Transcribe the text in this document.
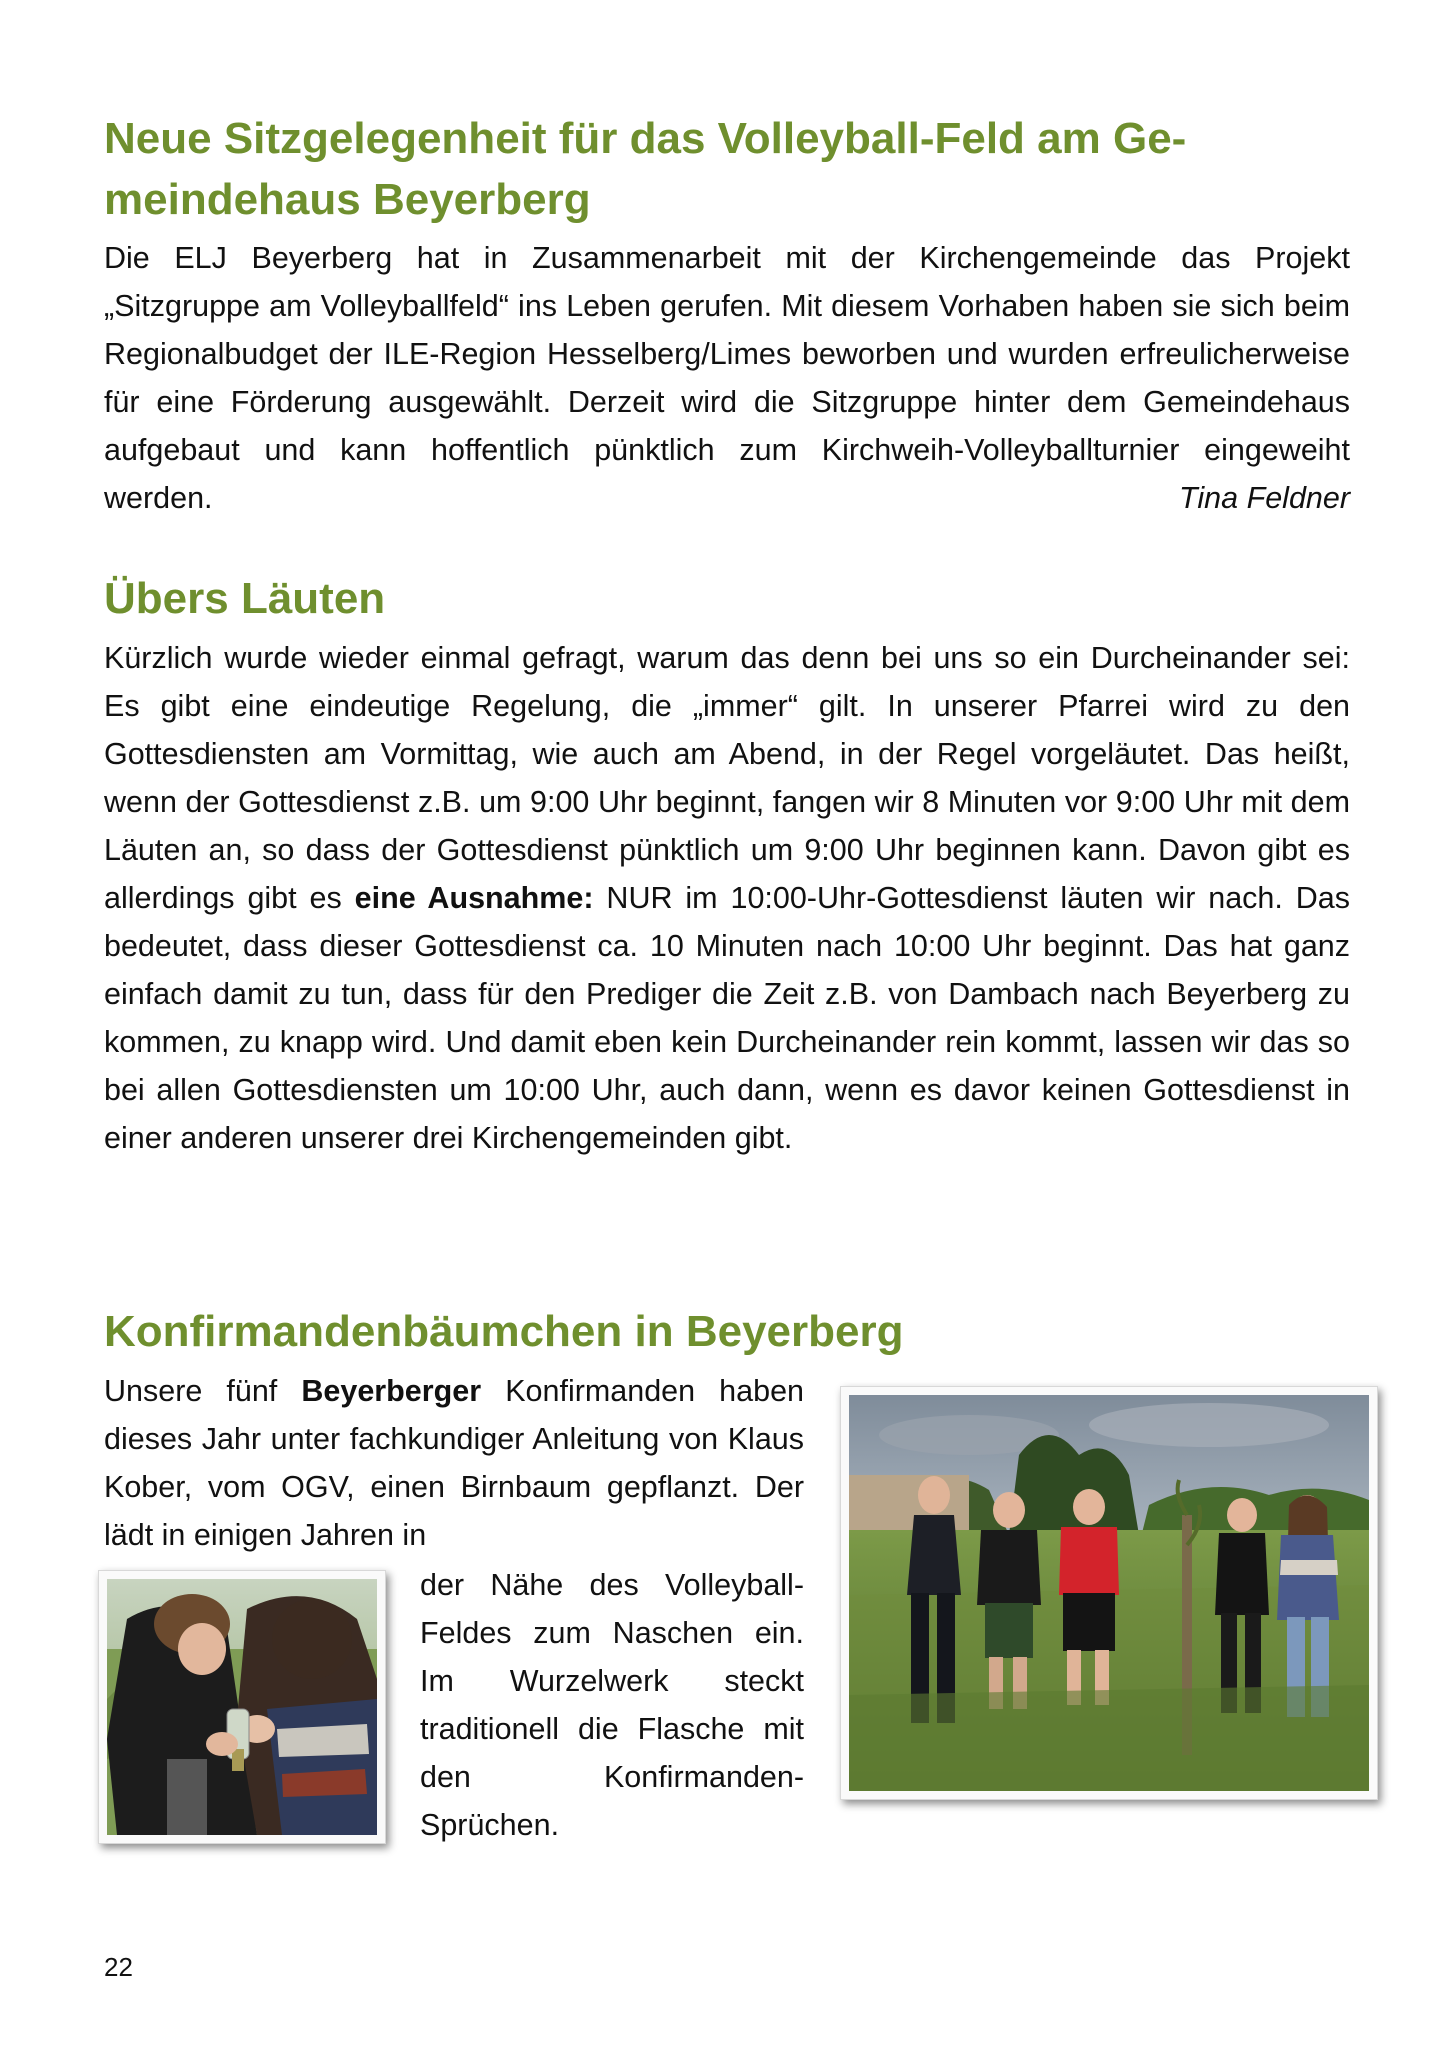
Neue Sitzgelegenheit für das Volleyball-Feld am Ge-
meindehaus Beyerberg

Die ELJ Beyerberg hat in Zusammenarbeit mit der Kirchengemeinde das Projekt „Sitzgruppe am Volleyballfeld“ ins Leben gerufen. Mit diesem Vorhaben haben sie sich beim Regionalbudget der ILE-Region Hesselberg/Limes beworben und wurden erfreulicherweise für eine Förderung ausgewählt. Derzeit wird die Sitzgruppe hinter dem Gemeindehaus aufgebaut und kann hoffentlich pünktlich zum Kirchweih-Volleyballturnier eingeweiht werden.	Tina Feldner

Übers Läuten

Kürzlich wurde wieder einmal gefragt, warum das denn bei uns so ein Durcheinander sei: Es gibt eine eindeutige Regelung, die „immer“ gilt. In unserer Pfarrei wird zu den Gottesdiensten am Vormittag, wie auch am Abend, in der Regel vorgeläutet. Das heißt, wenn der Gottesdienst z.B. um 9:00 Uhr beginnt, fangen wir 8 Minuten vor 9:00 Uhr mit dem Läuten an, so dass der Gottesdienst pünktlich um 9:00 Uhr beginnen kann. Davon gibt es allerdings gibt es eine Ausnahme: NUR im 10:00-Uhr-Gottesdienst läuten wir nach. Das bedeutet, dass dieser Gottesdienst ca. 10 Minuten nach 10:00 Uhr beginnt. Das hat ganz einfach damit zu tun, dass für den Prediger die Zeit z.B. von Dambach nach Beyerberg zu kommen, zu knapp wird. Und damit eben kein Durcheinander rein kommt, lassen wir das so bei allen Gottesdiensten um 10:00 Uhr, auch dann, wenn es davor keinen Gottesdienst in einer anderen unserer drei Kirchengemeinden gibt.

Konfirmandenbäumchen in Beyerberg

Unsere fünf Beyerberger Konfirmanden haben dieses Jahr unter fachkundiger Anleitung von Klaus Kober, vom OGV, einen Birnbaum gepflanzt. Der lädt in einigen Jahren in

der Nähe des Volleyball-Feldes zum Naschen ein. Im Wurzelwerk steckt traditionell die Flasche mit den Konfirmanden-Sprüchen.

22
